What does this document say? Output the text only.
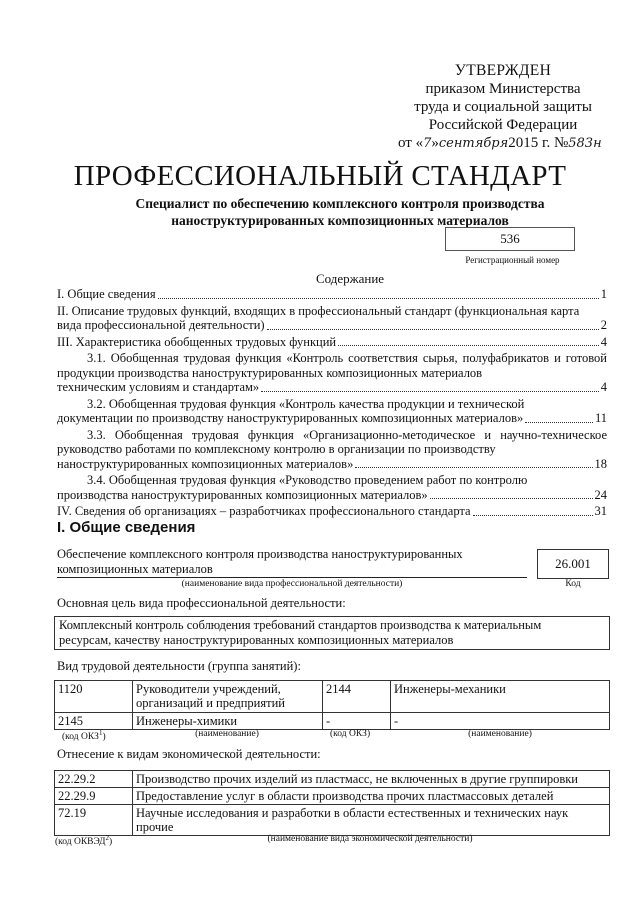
УТВЕРЖДЕН
приказом Министерства
труда и социальной защиты
Российской Федерации
от «7»сентября2015 г. №583н
ПРОФЕССИОНАЛЬНЫЙ СТАНДАРТ
Специалист по обеспечению комплексного контроля производства
наноструктурированных композиционных материалов
536
Регистрационный номер
Содержание
I. Общие сведения	1
II. Описание трудовых функций, входящих в профессиональный стандарт (функциональная карта
вида профессиональной деятельности)	2
III. Характеристика обобщенных трудовых функций	4
3.1. Обобщенная трудовая функция «Контроль соответствия сырья, полуфабрикатов и готовой продукции производства наноструктурированных композиционных материалов
техническим условиям и стандартам»	4
3.2. Обобщенная трудовая функция «Контроль качества продукции и технической
документации по производству наноструктурированных композиционных материалов»	11
3.3. Обобщенная трудовая функция «Организационно-методическое и научно-техническое руководство работами по комплексному контролю в организации по производству
наноструктурированных композиционных материалов»	18
3.4. Обобщенная трудовая функция «Руководство проведением работ по контролю
производства наноструктурированных композиционных материалов»	24
IV. Сведения об организациях – разработчиках профессионального стандарта	31
I. Общие сведения
Обеспечение комплексного контроля производства наноструктурированных
композиционных материалов	26.001
(наименование вида профессиональной деятельности)	Код
Основная цель вида профессиональной деятельности:
Комплексный контроль соблюдения требований стандартов производства к материальным
ресурсам, качеству наноструктурированных композиционных материалов
Вид трудовой деятельности (группа занятий):
1120	Руководители учреждений, организаций и предприятий	2144	Инженеры-механики
2145	Инженеры-химики	-	-
(код ОКЗ$^1$)	(наименование)	(код ОКЗ)	(наименование)
Отнесение к видам экономической деятельности:
22.29.2	Производство прочих изделий из пластмасс, не включенных в другие группировки
22.29.9	Предоставление услуг в области производства прочих пластмассовых деталей
72.19	Научные исследования и разработки в области естественных и технических наук прочие
(код ОКВЭД$^2$)	(наименование вида экономической деятельности)
